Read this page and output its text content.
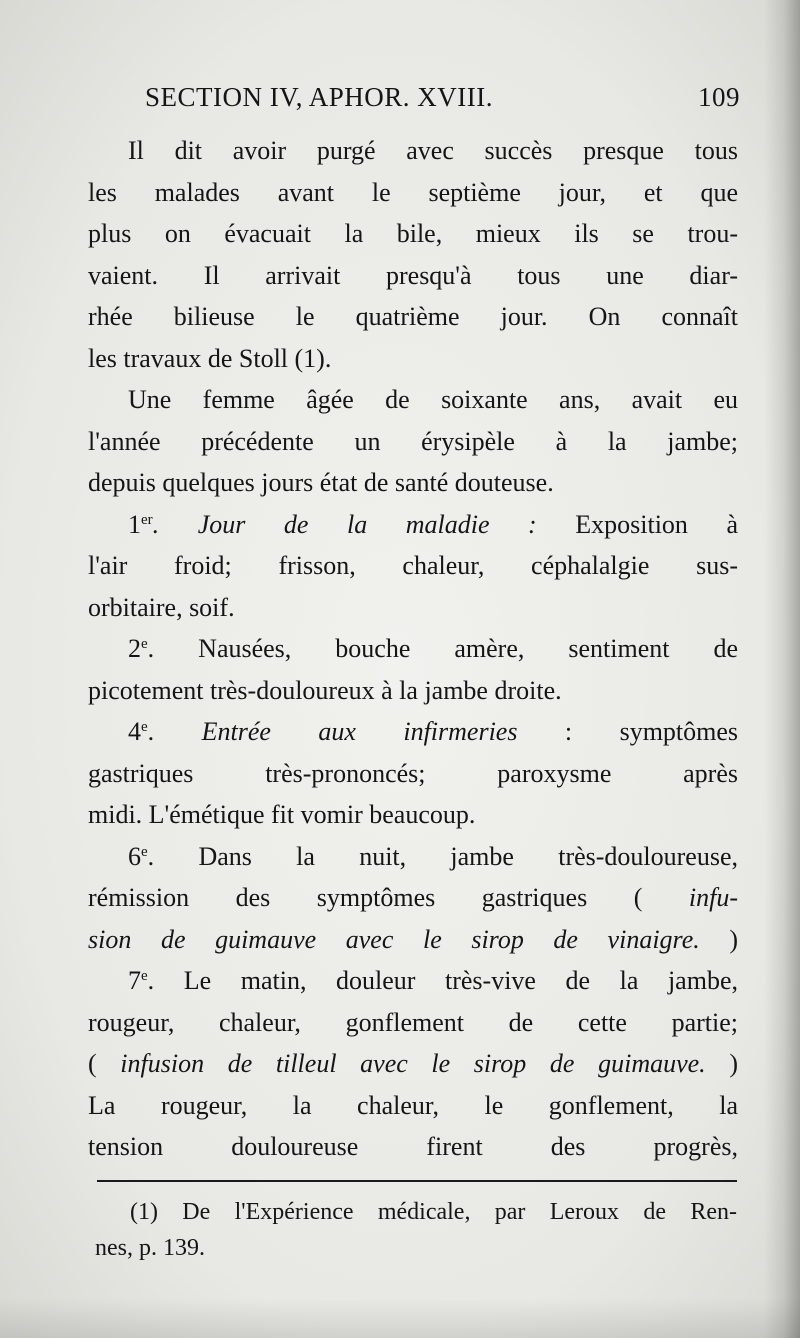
SECTION IV, APHOR. XVIII.	109
Il dit avoir purgé avec succès presque tous
les malades avant le septième jour, et que
plus on évacuait la bile, mieux ils se trou-
vaient. Il arrivait presqu'à tous une diar-
rhée bilieuse le quatrième jour. On connaît
les travaux de Stoll (1).
Une femme âgée de soixante ans, avait eu
l'année précédente un érysipèle à la jambe;
depuis quelques jours état de santé douteuse.
1er. Jour de la maladie : Exposition à
l'air froid; frisson, chaleur, céphalalgie sus-
orbitaire, soif.
2e. Nausées, bouche amère, sentiment de
picotement très-douloureux à la jambe droite.
4e. Entrée aux infirmeries : symptômes
gastriques très-prononcés; paroxysme après
midi. L'émétique fit vomir beaucoup.
6e. Dans la nuit, jambe très-douloureuse,
rémission des symptômes gastriques ( infu-
sion de guimauve avec le sirop de vinaigre. )
7e. Le matin, douleur très-vive de la jambe,
rougeur, chaleur, gonflement de cette partie;
( infusion de tilleul avec le sirop de guimauve. )
La rougeur, la chaleur, le gonflement, la
tension douloureuse firent des progrès,
(1) De l'Expérience médicale, par Leroux de Ren-
nes, p. 139.
